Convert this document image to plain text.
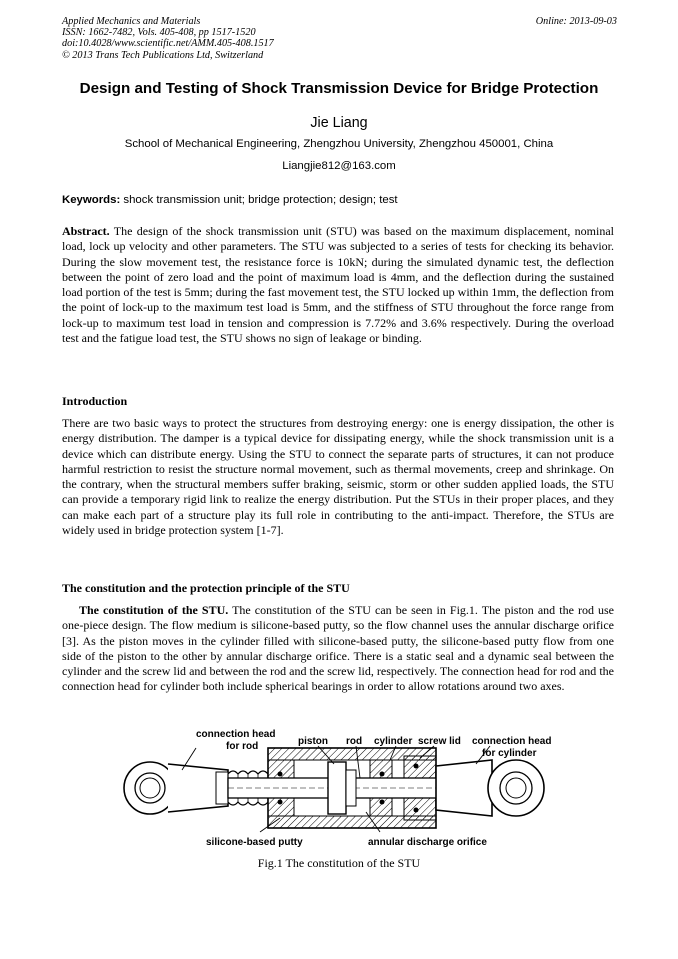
Applied Mechanics and Materials
ISSN: 1662-7482, Vols. 405-408, pp 1517-1520
doi:10.4028/www.scientific.net/AMM.405-408.1517
© 2013 Trans Tech Publications Ltd, Switzerland
Online: 2013-09-03
Design and Testing of Shock Transmission Device for Bridge Protection
Jie Liang
School of Mechanical Engineering, Zhengzhou University, Zhengzhou 450001, China
Liangjie812@163.com
Keywords: shock transmission unit; bridge protection; design; test
Abstract. The design of the shock transmission unit (STU) was based on the maximum displacement, nominal load, lock up velocity and other parameters. The STU was subjected to a series of tests for checking its behavior. During the slow movement test, the resistance force is 10kN; during the simulated dynamic test, the deflection between the point of zero load and the point of maximum load is 4mm, and the deflection during the sustained load portion of the test is 5mm; during the fast movement test, the STU locked up within 1mm, the deflection from the point of lock-up to the maximum test load is 5mm, and the stiffness of STU throughout the force range from lock-up to maximum test load in tension and compression is 7.72% and 3.6% respectively. During the overload test and the fatigue load test, the STU shows no sign of leakage or binding.
Introduction
There are two basic ways to protect the structures from destroying energy: one is energy dissipation, the other is energy distribution. The damper is a typical device for dissipating energy, while the shock transmission unit is a device which can distribute energy. Using the STU to connect the separate parts of structures, it can not produce harmful restriction to resist the structure normal movement, such as thermal movements, creep and shrinkage. On the contrary, when the structural members suffer braking, seismic, storm or other sudden applied loads, the STU can provide a temporary rigid link to realize the energy distribution. Put the STUs in their proper places, and they can make each part of a structure play its full role in contributing to the anti-impact. Therefore, the STUs are widely used in bridge protection system [1-7].
The constitution and the protection principle of the STU
The constitution of the STU. The constitution of the STU can be seen in Fig.1. The piston and the rod use one-piece design. The flow medium is silicone-based putty, so the flow channel uses the annular discharge orifice [3]. As the piston moves in the cylinder filled with silicone-based putty, the silicone-based putty flow from one side of the piston to the other by annular discharge orifice. There is a static seal and a dynamic seal between the cylinder and the screw lid and between the rod and the screw lid, respectively. The connection head for rod and the connection head for cylinder both include spherical bearings in order to allow rotations around two axes.
connection head
for rod	piston rod cylinder screw lid connection head
for cylinder
silicone-based putty	annular discharge orifice
Fig.1 The constitution of the STU
